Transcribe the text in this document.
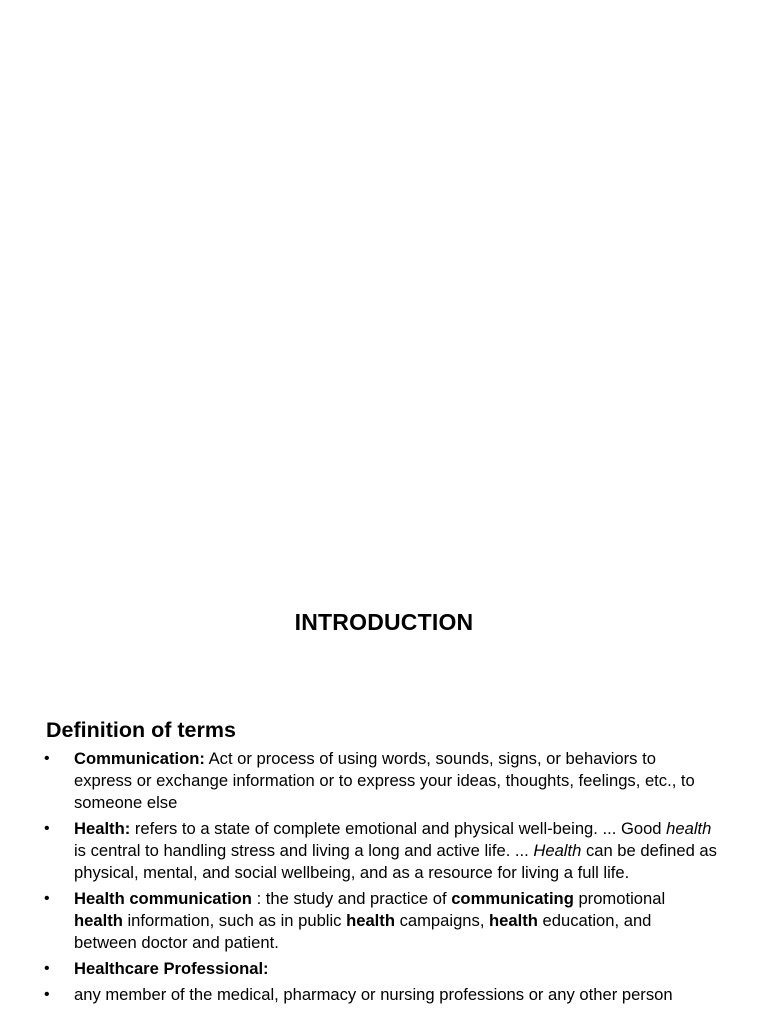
INTRODUCTION
Definition of terms
• Communication: Act or process of using words, sounds, signs, or behaviors to express or exchange information or to express your ideas, thoughts, feelings, etc., to someone else
• Health: refers to a state of complete emotional and physical well-being. ... Good health is central to handling stress and living a long and active life. ... Health can be defined as physical, mental, and social wellbeing, and as a resource for living a full life.
• Health communication : the study and practice of communicating promotional health information, such as in public health campaigns, health education, and between doctor and patient.
• Healthcare Professional:
• any member of the medical, pharmacy or nursing professions or any other person
